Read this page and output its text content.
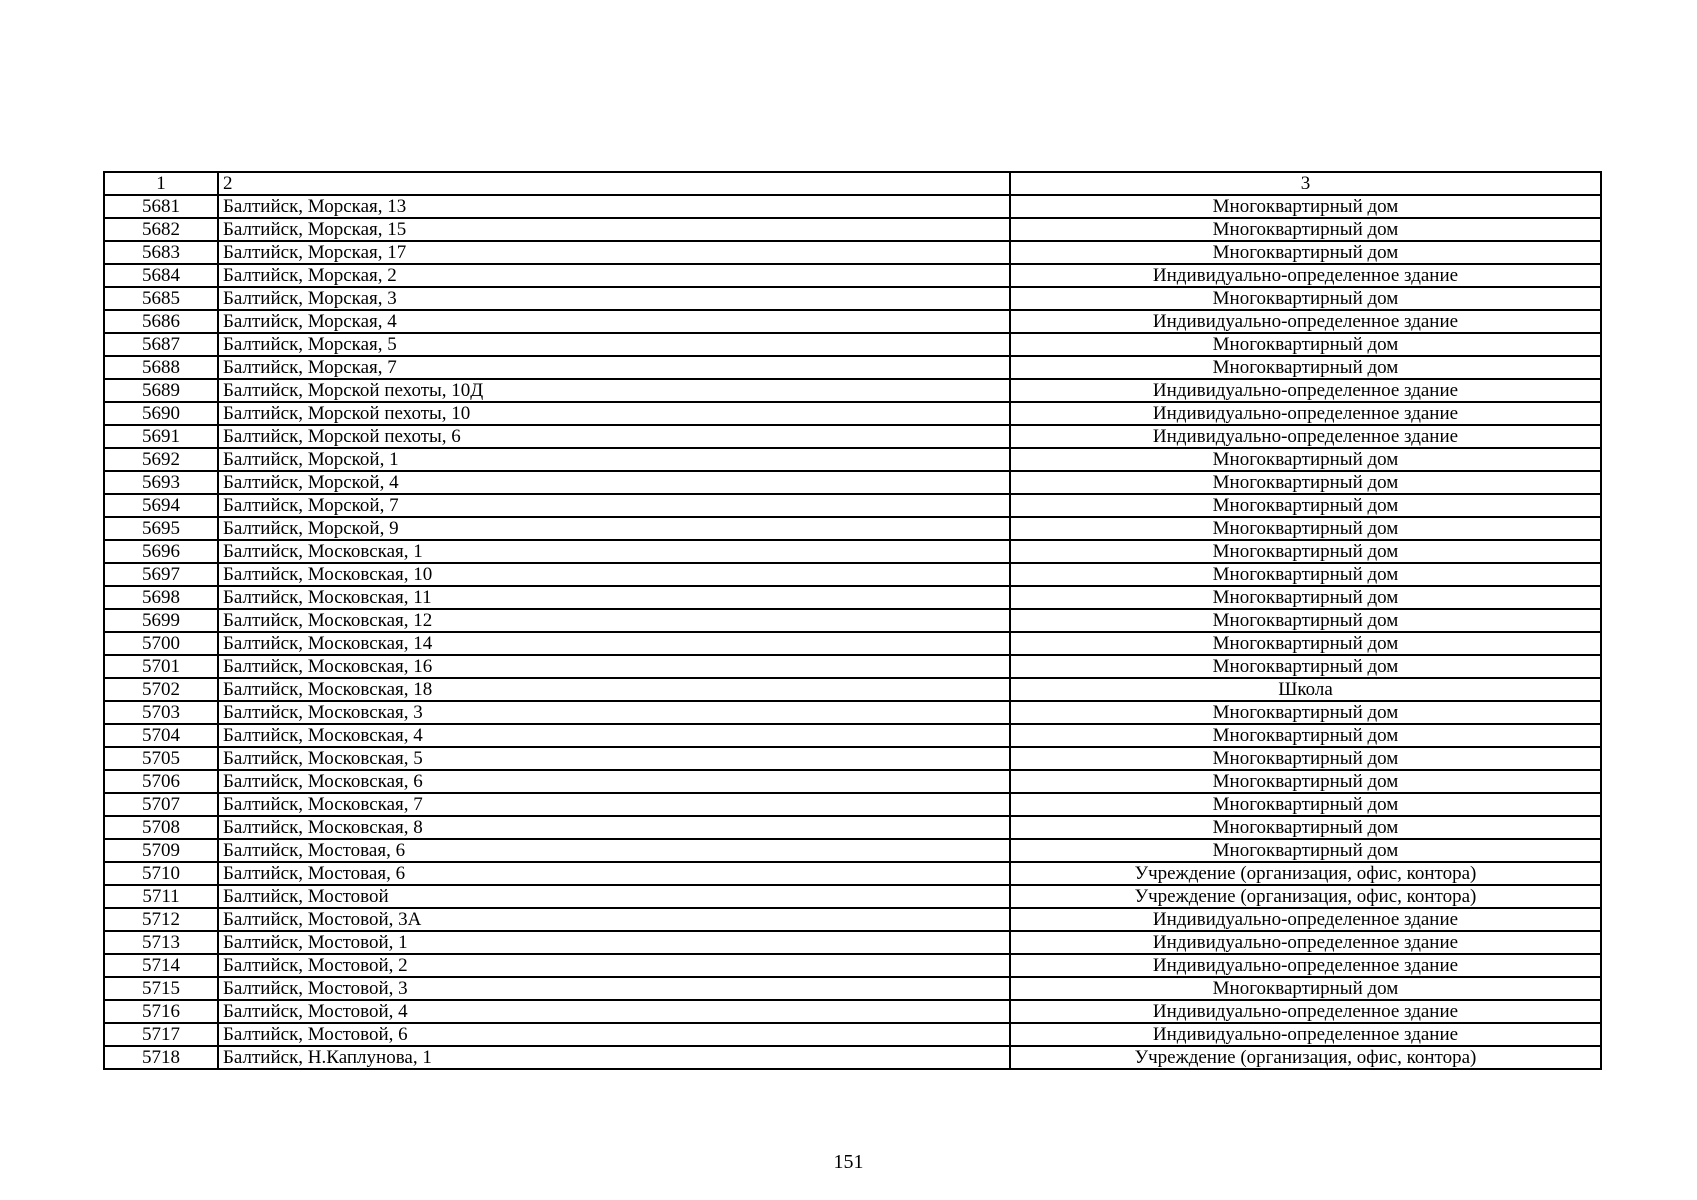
1	2	3
5681	Балтийск, Морская, 13	Многоквартирный дом
5682	Балтийск, Морская, 15	Многоквартирный дом
5683	Балтийск, Морская, 17	Многоквартирный дом
5684	Балтийск, Морская, 2	Индивидуально-определенное здание
5685	Балтийск, Морская, 3	Многоквартирный дом
5686	Балтийск, Морская, 4	Индивидуально-определенное здание
5687	Балтийск, Морская, 5	Многоквартирный дом
5688	Балтийск, Морская, 7	Многоквартирный дом
5689	Балтийск, Морской пехоты, 10Д	Индивидуально-определенное здание
5690	Балтийск, Морской пехоты, 10	Индивидуально-определенное здание
5691	Балтийск, Морской пехоты, 6	Индивидуально-определенное здание
5692	Балтийск, Морской, 1	Многоквартирный дом
5693	Балтийск, Морской, 4	Многоквартирный дом
5694	Балтийск, Морской, 7	Многоквартирный дом
5695	Балтийск, Морской, 9	Многоквартирный дом
5696	Балтийск, Московская, 1	Многоквартирный дом
5697	Балтийск, Московская, 10	Многоквартирный дом
5698	Балтийск, Московская, 11	Многоквартирный дом
5699	Балтийск, Московская, 12	Многоквартирный дом
5700	Балтийск, Московская, 14	Многоквартирный дом
5701	Балтийск, Московская, 16	Многоквартирный дом
5702	Балтийск, Московская, 18	Школа
5703	Балтийск, Московская, 3	Многоквартирный дом
5704	Балтийск, Московская, 4	Многоквартирный дом
5705	Балтийск, Московская, 5	Многоквартирный дом
5706	Балтийск, Московская, 6	Многоквартирный дом
5707	Балтийск, Московская, 7	Многоквартирный дом
5708	Балтийск, Московская, 8	Многоквартирный дом
5709	Балтийск, Мостовая, 6	Многоквартирный дом
5710	Балтийск, Мостовая, 6	Учреждение (организация, офис, контора)
5711	Балтийск, Мостовой	Учреждение (организация, офис, контора)
5712	Балтийск, Мостовой, 3А	Индивидуально-определенное здание
5713	Балтийск, Мостовой, 1	Индивидуально-определенное здание
5714	Балтийск, Мостовой, 2	Индивидуально-определенное здание
5715	Балтийск, Мостовой, 3	Многоквартирный дом
5716	Балтийск, Мостовой, 4	Индивидуально-определенное здание
5717	Балтийск, Мостовой, 6	Индивидуально-определенное здание
5718	Балтийск, Н.Каплунова, 1	Учреждение (организация, офис, контора)
151
